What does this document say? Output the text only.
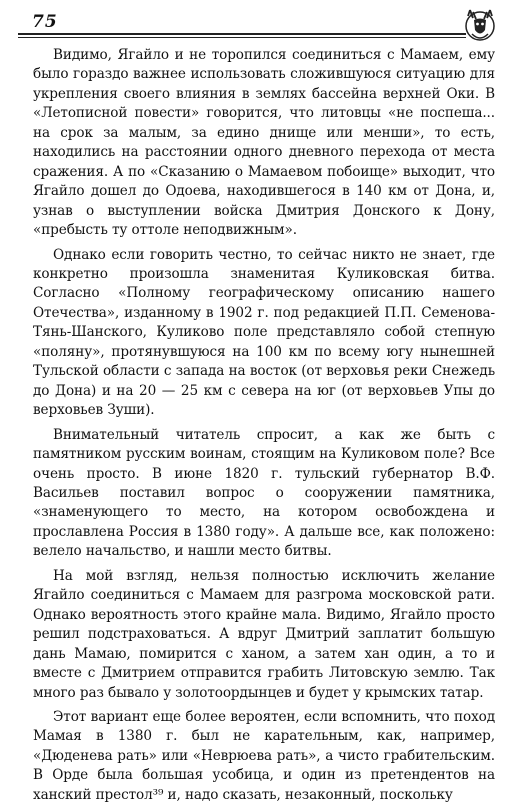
75

Видимо, Ягайло и не торопился соединиться с Мамаем, ему было гораздо важнее использовать сложившуюся ситуацию для укрепления своего влияния в землях бассейна верхней Оки. В «Летописной повести» говорится, что литовцы «не поспеша... на срок за малым, за едино днище или менши», то есть, находились на расстоянии одного дневного перехода от места сражения. А по «Сказанию о Мамаевом побоище» выходит, что Ягайло дошел до Одоева, находившегося в 140 км от Дона, и, узнав о выступлении войска Дмитрия Донского к Дону, «пребысть ту оттоле неподвижным».

Однако если говорить честно, то сейчас никто не знает, где конкретно произошла знаменитая Куликовская битва. Согласно «Полному географическому описанию нашего Отечества», изданному в 1902 г. под редакцией П.П. Семенова-Тянь-Шанского, Куликово поле представляло собой степную «поляну», протянувшуюся на 100 км по всему югу нынешней Тульской области с запада на восток (от верховья реки Снежедь до Дона) и на 20 — 25 км с севера на юг (от верховьев Упы до верховьев Зуши).

Внимательный читатель спросит, а как же быть с памятником русским воинам, стоящим на Куликовом поле? Все очень просто. В июне 1820 г. тульский губернатор В.Ф. Васильев поставил вопрос о сооружении памятника, «знаменующего то место, на котором освобождена и прославлена Россия в 1380 году». А дальше все, как положено: велело начальство, и нашли место битвы.

На мой взгляд, нельзя полностью исключить желание Ягайло соединиться с Мамаем для разгрома московской рати. Однако вероятность этого крайне мала. Видимо, Ягайло просто решил подстраховаться. А вдруг Дмитрий заплатит большую дань Мамаю, помирится с ханом, а затем хан один, а то и вместе с Дмитрием отправится грабить Литовскую землю. Так много раз бывало у золотоордынцев и будет у крымских татар.

Этот вариант еще более вероятен, если вспомнить, что поход Мамая в 1380 г. был не карательным, как, например, «Дюденева рать» или «Неврюева рать», а чисто грабительским. В Орде была большая усобица, и один из претендентов на ханский престол³⁹ и, надо сказать, незаконный, поскольку
